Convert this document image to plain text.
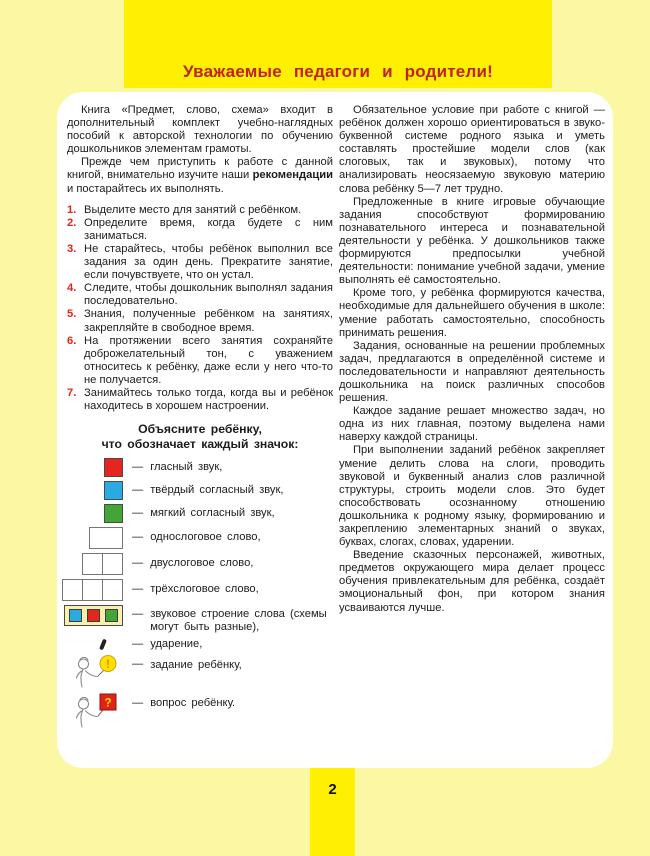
Уважаемые педагоги и родители!

Книга «Предмет, слово, схема» входит в дополнительный комплект учебно-наглядных пособий к авторской технологии по обучению дошкольников элементам грамоты.

Прежде чем приступить к работе с данной книгой, внимательно изучите наши рекомендации и постарайтесь их выполнять.

1. Выделите место для занятий с ребёнком.
2. Определите время, когда будете с ним заниматься.
3. Не старайтесь, чтобы ребёнок выполнил все задания за один день. Прекратите занятие, если почувствуете, что он устал.
4. Следите, чтобы дошкольник выполнял задания последовательно.
5. Знания, полученные ребёнком на занятиях, закрепляйте в свободное время.
6. На протяжении всего занятия сохраняйте доброжелательный тон, с уважением относитесь к ребёнку, даже если у него что-то не получается.
7. Занимайтесь только тогда, когда вы и ребёнок находитесь в хорошем настроении.
Объясните ребёнку,
что обозначает каждый значок:
— гласный звук,
— твёрдый согласный звук,
— мягкий согласный звук,
— однослоговое слово,
— двуслоговое слово,
— трёхслоговое слово,
— звуковое строение слова (схемы могут быть разные),
— ударение,
! — задание ребёнку,
? — вопрос ребёнку.

Обязательное условие при работе с книгой — ребёнок должен хорошо ориентироваться в звуко-буквенной системе родного языка и уметь составлять простейшие модели слов (как слоговых, так и звуковых), потому что анализировать неосязаемую звуковую материю слова ребёнку 5—7 лет трудно.

Предложенные в книге игровые обучающие задания способствуют формированию познавательного интереса и познавательной деятельности у ребёнка. У дошкольников также формируются предпосылки учебной деятельности: понимание учебной задачи, умение выполнять её самостоятельно.

Кроме того, у ребёнка формируются качества, необходимые для дальнейшего обучения в школе: умение работать самостоятельно, способность принимать решения.

Задания, основанные на решении проблемных задач, предлагаются в определённой системе и последовательности и направляют деятельность дошкольника на поиск различных способов решения.

Каждое задание решает множество задач, но одна из них главная, поэтому выделена нами наверху каждой страницы.

При выполнении заданий ребёнок закрепляет умение делить слова на слоги, проводить звуковой и буквенный анализ слов различной структуры, строить модели слов. Это будет способствовать осознанному отношению дошкольника к родному языку, формированию и закреплению элементарных знаний о звуках, буквах, слогах, словах, ударении.

Введение сказочных персонажей, животных, предметов окружающего мира делает процесс обучения привлекательным для ребёнка, создаёт эмоциональный фон, при котором знания усваиваются лучше.

2
